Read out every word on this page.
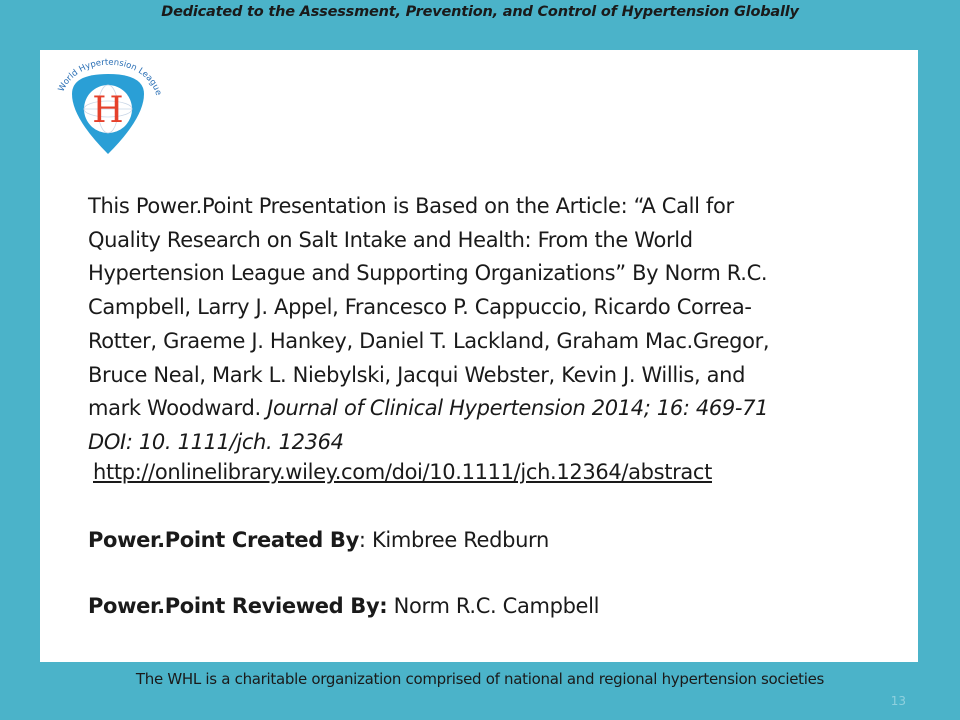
Dedicated to the Assessment, Prevention, and Control of Hypertension Globally
World Hypertension League
H
This Power.Point Presentation is Based on the Article: “A Call for
Quality Research on Salt Intake and Health: From the World
Hypertension League and Supporting Organizations” By Norm R.C.
Campbell, Larry J. Appel, Francesco P. Cappuccio, Ricardo Correa-
Rotter, Graeme J. Hankey, Daniel T. Lackland, Graham Mac.Gregor,
Bruce Neal, Mark L. Niebylski, Jacqui Webster, Kevin J. Willis, and
mark Woodward. Journal of Clinical Hypertension 2014; 16: 469-71
DOI: 10. 1111/jch. 12364
http://onlinelibrary.wiley.com/doi/10.1111/jch.12364/abstract
Power.Point Created By: Kimbree Redburn
Power.Point Reviewed By: Norm R.C. Campbell
The WHL is a charitable organization comprised of national and regional hypertension societies
13
